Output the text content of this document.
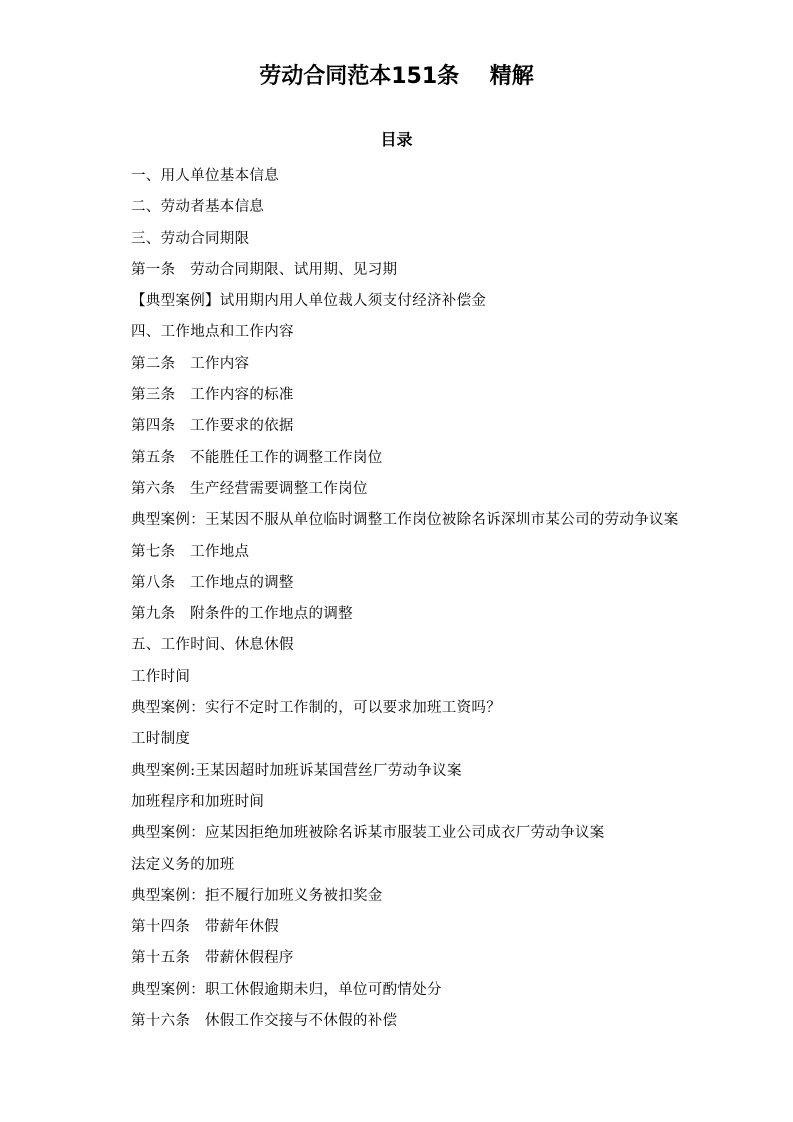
劳动合同范本151条    精解
目录
一、用人单位基本信息
二、劳动者基本信息
三、劳动合同期限
第一条   劳动合同期限、试用期、见习期
【典型案例】试用期内用人单位裁人须支付经济补偿金
四、工作地点和工作内容
第二条   工作内容
第三条   工作内容的标准
第四条   工作要求的依据
第五条   不能胜任工作的调整工作岗位
第六条   生产经营需要调整工作岗位
典型案例：王某因不服从单位临时调整工作岗位被除名诉深圳市某公司的劳动争议案
第七条   工作地点
第八条   工作地点的调整
第九条   附条件的工作地点的调整
五、工作时间、休息休假
工作时间
典型案例：实行不定时工作制的，可以要求加班工资吗？
工时制度
典型案例:王某因超时加班诉某国营丝厂劳动争议案
加班程序和加班时间
典型案例：应某因拒绝加班被除名诉某市服装工业公司成衣厂劳动争议案
法定义务的加班
典型案例：拒不履行加班义务被扣奖金
第十四条   带薪年休假
第十五条   带薪休假程序
典型案例：职工休假逾期未归，单位可酌情处分
第十六条   休假工作交接与不休假的补偿
